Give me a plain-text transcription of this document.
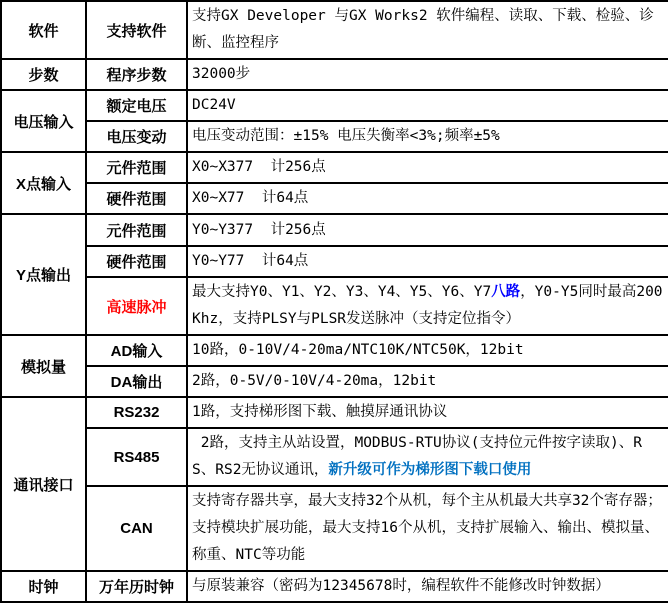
软件	支持软件	支持GX Developer 与GX Works2 软件编程、读取、下载、检验、诊断、监控程序
步数	程序步数	32000步
电压输入	额定电压	DC24V
	电压变动	电压变动范围：±15% 电压失衡率<3%;频率±5%
X点输入	元件范围	X0~X377  计256点
	硬件范围	X0~X77  计64点
Y点输出	元件范围	Y0~Y377  计256点
	硬件范围	Y0~Y77  计64点
	高速脉冲	最大支持Y0、Y1、Y2、Y3、Y4、Y5、Y6、Y7八路，Y0-Y5同时最高200Khz，支持PLSY与PLSR发送脉冲（支持定位指令）
模拟量	AD输入	10路，0-10V/4-20ma/NTC10K/NTC50K，12bit
	DA输出	2路，0-5V/0-10V/4-20ma，12bit
通讯接口	RS232	1路，支持梯形图下载、触摸屏通讯协议
	RS485	2路，支持主从站设置，MODBUS-RTU协议(支持位元件按字读取)、RS、RS2无协议通讯，新升级可作为梯形图下载口使用
	CAN	支持寄存器共享，最大支持32个从机，每个主从机最大共享32个寄存器；支持模块扩展功能，最大支持16个从机，支持扩展输入、输出、模拟量、称重、NTC等功能
时钟	万年历时钟	与原装兼容（密码为12345678时，编程软件不能修改时钟数据）
